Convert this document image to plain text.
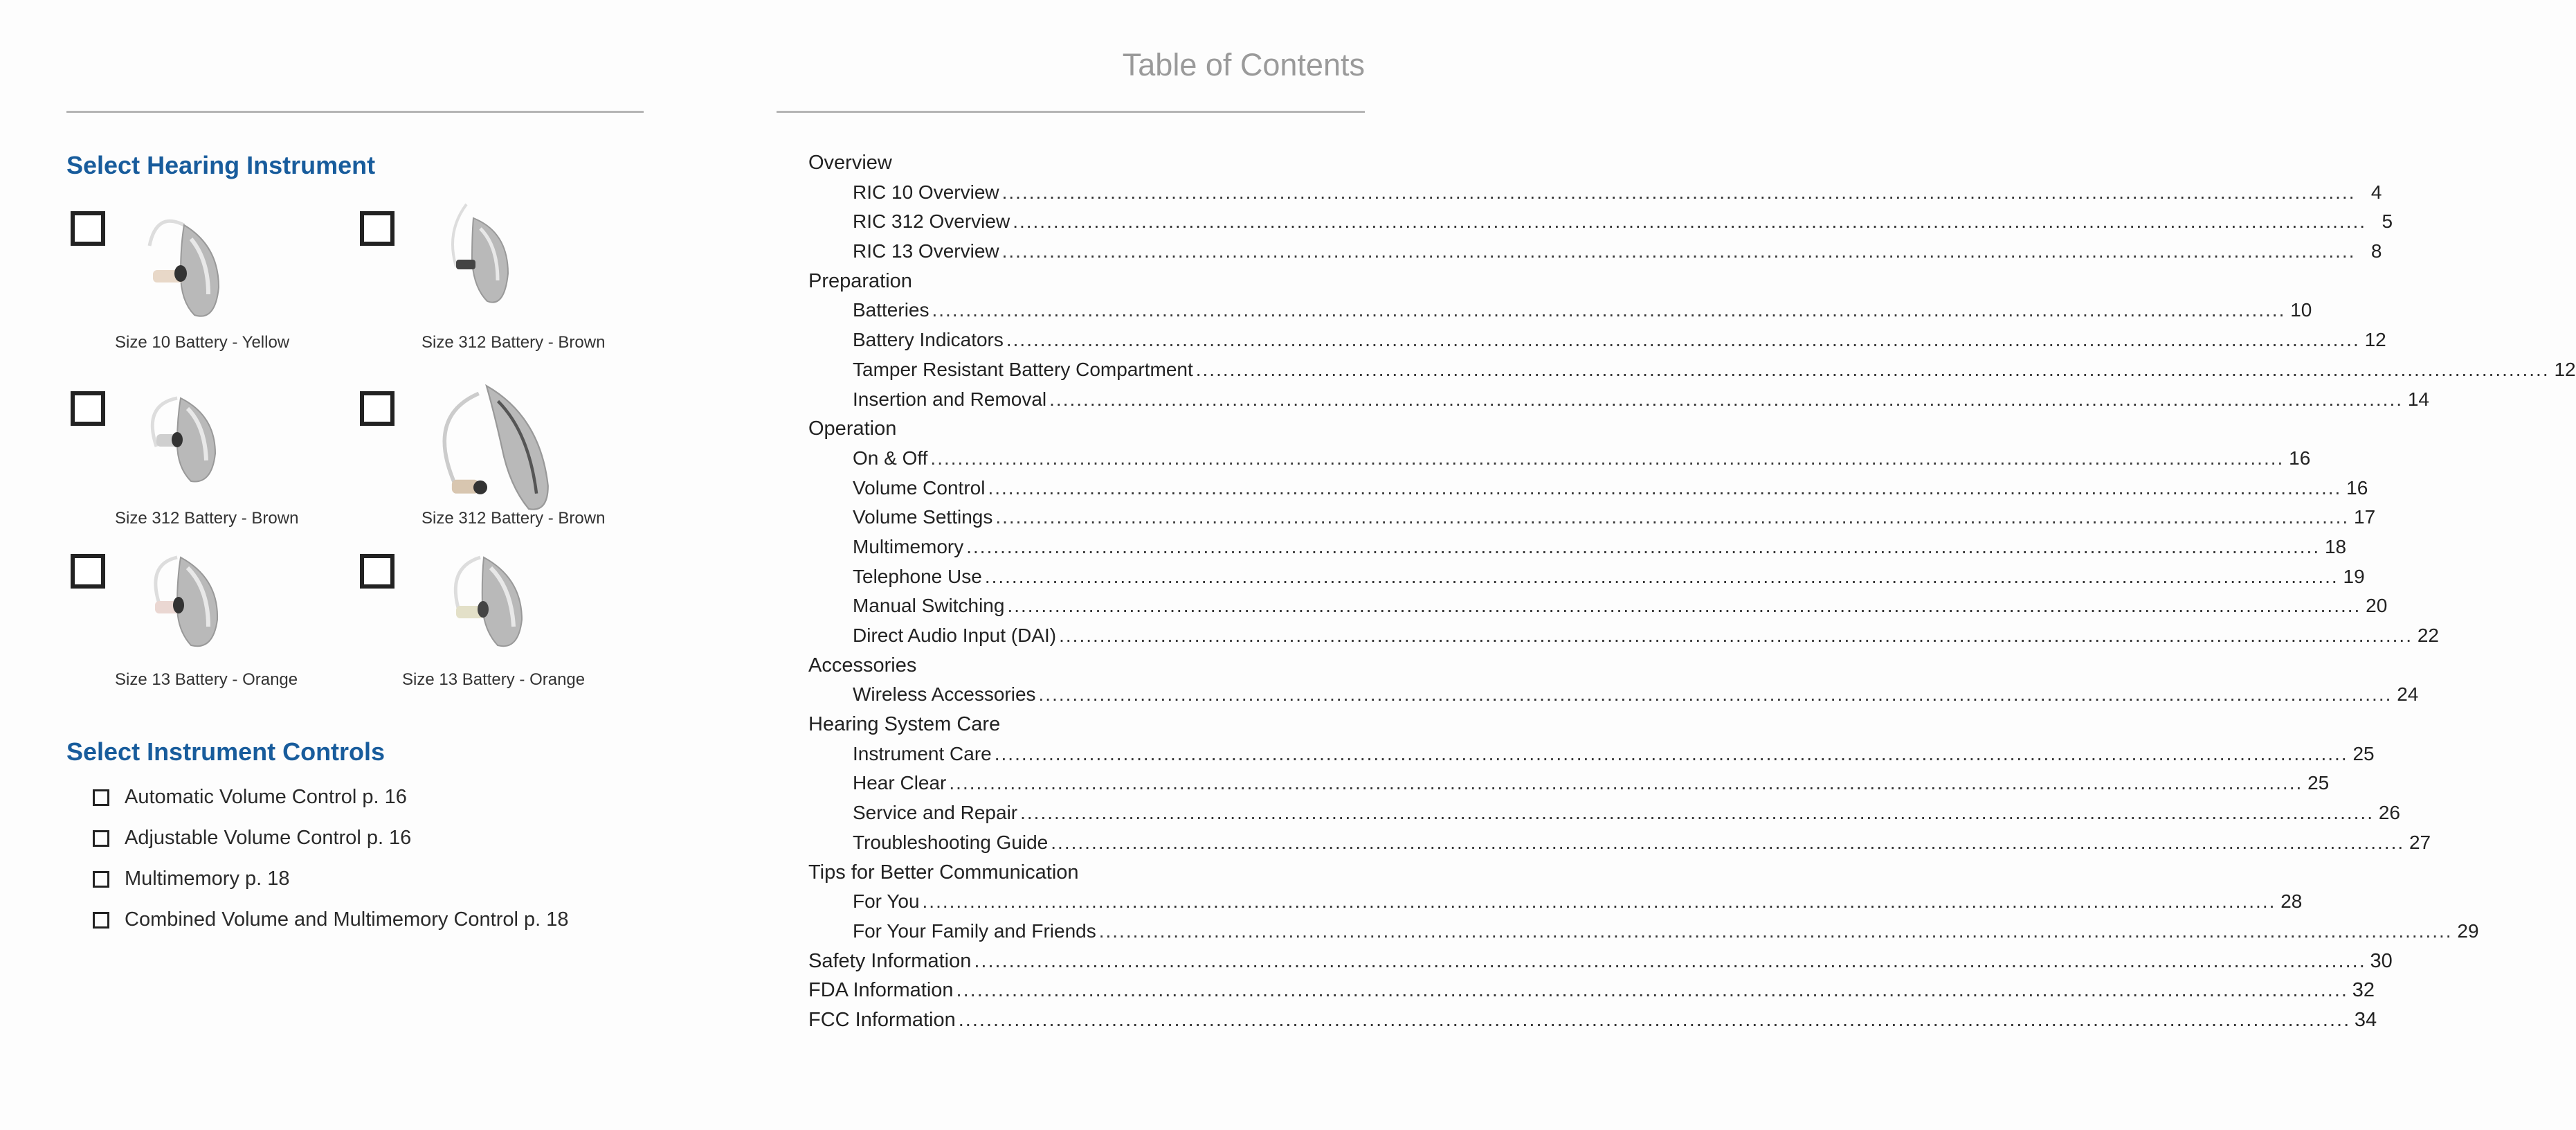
Table of Contents
Select Hearing Instrument
Size 10 Battery - Yellow	Size 312 Battery - Brown
Size 312 Battery - Brown	Size 312 Battery - Brown
Size 13 Battery - Orange	Size 13 Battery - Orange
Select Instrument Controls
Automatic Volume Control p. 16
Adjustable Volume Control p. 16
Multimemory p. 18
Combined Volume and Multimemory Control p. 18
Overview
RIC 10 Overview ........................................................................................................................................................................................................ 4
RIC 312 Overview ........................................................................................................................................................................................................ 5
RIC 13 Overview ........................................................................................................................................................................................................ 8
Preparation
Batteries ........................................................................................................................................................................................................ 10
Battery Indicators ........................................................................................................................................................................................................ 12
Tamper Resistant Battery Compartment ........................................................................................................................................................................................................ 12
Insertion and Removal ........................................................................................................................................................................................................ 14
Operation
On & Off ........................................................................................................................................................................................................ 16
Volume Control ........................................................................................................................................................................................................ 16
Volume Settings ........................................................................................................................................................................................................ 17
Multimemory ........................................................................................................................................................................................................ 18
Telephone Use ........................................................................................................................................................................................................ 19
Manual Switching ........................................................................................................................................................................................................ 20
Direct Audio Input (DAI) ........................................................................................................................................................................................................ 22
Accessories
Wireless Accessories ........................................................................................................................................................................................................ 24
Hearing System Care
Instrument Care ........................................................................................................................................................................................................ 25
Hear Clear ........................................................................................................................................................................................................ 25
Service and Repair ........................................................................................................................................................................................................ 26
Troubleshooting Guide ........................................................................................................................................................................................................ 27
Tips for Better Communication
For You ........................................................................................................................................................................................................ 28
For Your Family and Friends ........................................................................................................................................................................................................ 29
Safety Information ........................................................................................................................................................................................................ 30
FDA Information ........................................................................................................................................................................................................ 32
FCC Information ........................................................................................................................................................................................................ 34
